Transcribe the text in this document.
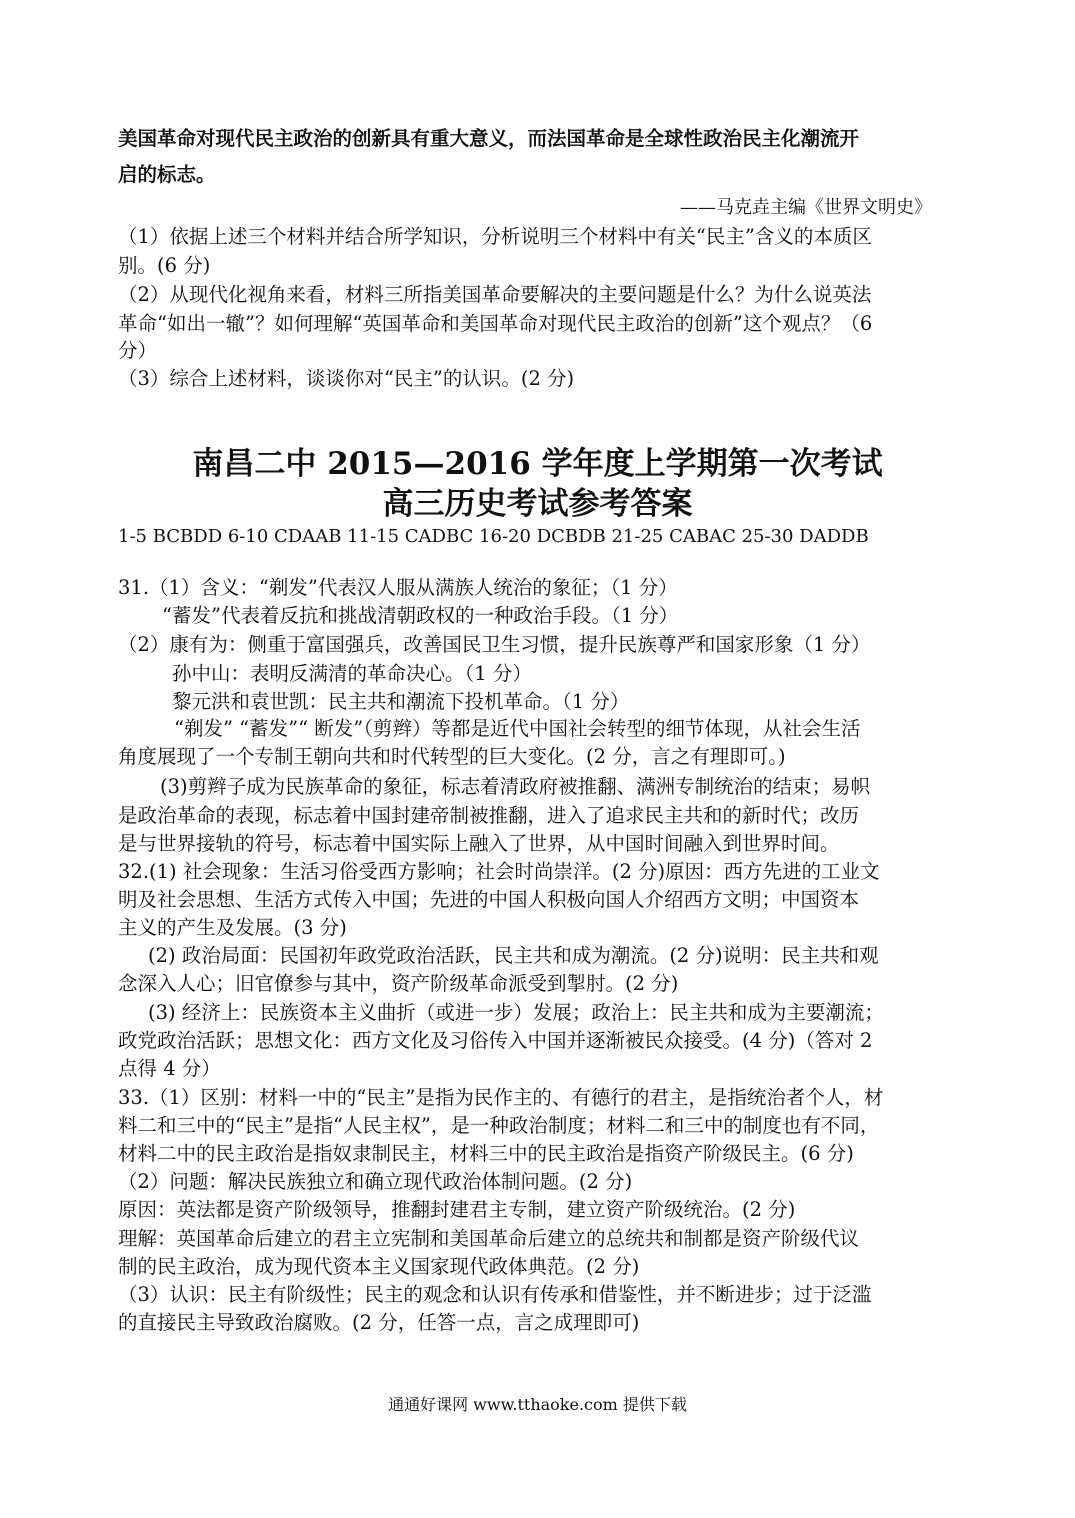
美国革命对现代民主政治的创新具有重大意义，而法国革命是全球性政治民主化潮流开
启的标志。
——马克垚主编《世界文明史》
（1）依据上述三个材料并结合所学知识，分析说明三个材料中有关“民主”含义的本质区
别。(6 分)
（2）从现代化视角来看，材料三所指美国革命要解决的主要问题是什么？为什么说英法
革命“如出一辙”？如何理解“英国革命和美国革命对现代民主政治的创新”这个观点？（6
分）
（3）综合上述材料，谈谈你对“民主”的认识。(2 分)
南昌二中 2015—2016 学年度上学期第一次考试
高三历史考试参考答案
1-5 BCBDD 6-10 CDAAB 11-15 CADBC 16-20 DCBDB 21-25 CABAC 25-30 DADDB
31.（1）含义：“剃发”代表汉人服从满族人统治的象征；（1 分）
“蓄发”代表着反抗和挑战清朝政权的一种政治手段。（1 分）
（2）康有为：侧重于富国强兵，改善国民卫生习惯，提升民族尊严和国家形象（1 分）
孙中山：表明反满清的革命决心。（1 分）
黎元洪和袁世凯：民主共和潮流下投机革命。（1 分）
“剃发” “蓄发”“ 断发”（剪辫）等都是近代中国社会转型的细节体现，从社会生活
角度展现了一个专制王朝向共和时代转型的巨大变化。(2 分，言之有理即可。)
(3)剪辫子成为民族革命的象征，标志着清政府被推翻、满洲专制统治的结束；易帜
是政治革命的表现，标志着中国封建帝制被推翻，进入了追求民主共和的新时代；改历
是与世界接轨的符号，标志着中国实际上融入了世界，从中国时间融入到世界时间。
32.(1) 社会现象：生活习俗受西方影响；社会时尚崇洋。(2 分)原因：西方先进的工业文
明及社会思想、生活方式传入中国；先进的中国人积极向国人介绍西方文明；中国资本
主义的产生及发展。(3 分)
(2) 政治局面：民国初年政党政治活跃，民主共和成为潮流。(2 分)说明：民主共和观
念深入人心；旧官僚参与其中，资产阶级革命派受到掣肘。(2 分)
(3) 经济上：民族资本主义曲折（或进一步）发展；政治上：民主共和成为主要潮流；
政党政治活跃；思想文化：西方文化及习俗传入中国并逐渐被民众接受。(4 分)（答对 2
点得 4 分）
33.（1）区别：材料一中的“民主”是指为民作主的、有德行的君主，是指统治者个人，材
料二和三中的“民主”是指“人民主权”，是一种政治制度；材料二和三中的制度也有不同，
材料二中的民主政治是指奴隶制民主，材料三中的民主政治是指资产阶级民主。(6 分)
（2）问题：解决民族独立和确立现代政治体制问题。(2 分)
原因：英法都是资产阶级领导，推翻封建君主专制，建立资产阶级统治。(2 分)
理解：英国革命后建立的君主立宪制和美国革命后建立的总统共和制都是资产阶级代议
制的民主政治，成为现代资本主义国家现代政体典范。(2 分)
（3）认识：民主有阶级性；民主的观念和认识有传承和借鉴性，并不断进步；过于泛滥
的直接民主导致政治腐败。(2 分，任答一点，言之成理即可)
通通好课网 www.tthaoke.com 提供下载
